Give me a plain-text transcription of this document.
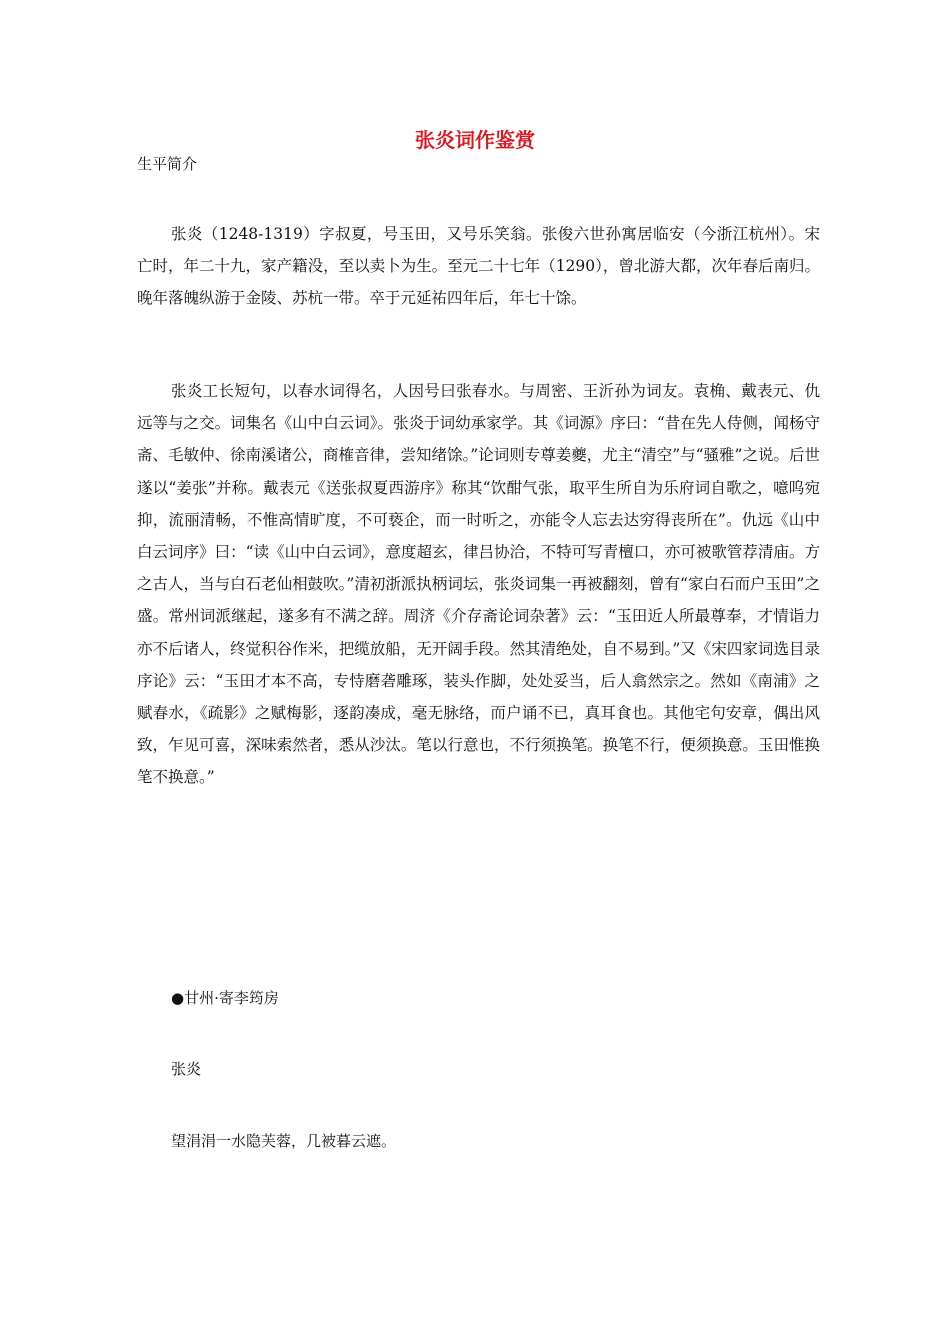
张炎词作鉴赏

生平简介

张炎（1248-1319）字叔夏，号玉田，又号乐笑翁。张俊六世孙寓居临安（今浙江杭州）。宋亡时，年二十九，家产籍没，至以卖卜为生。至元二十七年（1290），曾北游大都，次年春后南归。晚年落魄纵游于金陵、苏杭一带。卒于元延祐四年后，年七十馀。

张炎工长短句，以春水词得名，人因号曰张春水。与周密、王沂孙为词友。袁桷、戴表元、仇远等与之交。词集名《山中白云词》。张炎于词幼承家学。其《词源》序曰：“昔在先人侍侧，闻杨守斋、毛敏仲、徐南溪诸公，商榷音律，尝知绪馀。”论词则专尊姜夔，尤主“清空”与“骚雅”之说。后世遂以“姜张”并称。戴表元《送张叔夏西游序》称其“饮酣气张，取平生所自为乐府词自歌之，噫呜宛抑，流丽清畅，不惟高情旷度，不可亵企，而一时听之，亦能令人忘去达穷得丧所在”。仇远《山中白云词序》曰：“读《山中白云词》，意度超玄，律吕协洽，不特可写青檀口，亦可被歌管荐清庙。方之古人，当与白石老仙相鼓吹。”清初浙派执柄词坛，张炎词集一再被翻刻，曾有“家白石而户玉田”之盛。常州词派继起，遂多有不满之辞。周济《介存斋论词杂著》云：“玉田近人所最尊奉，才情诣力亦不后诸人，终觉积谷作米，把缆放船，无开阔手段。然其清绝处，自不易到。”又《宋四家词选目录序论》云：“玉田才本不高，专恃磨砻雕琢，装头作脚，处处妥当，后人翕然宗之。然如《南浦》之赋春水，《疏影》之赋梅影，逐韵凑成，毫无脉络，而户诵不已，真耳食也。其他宅句安章，偶出风致，乍见可喜，深味索然者，悉从沙汰。笔以行意也，不行须换笔。换笔不行，便须换意。玉田惟换笔不换意。”

●甘州·寄李筠房

张炎

望涓涓一水隐芙蓉，几被暮云遮。
